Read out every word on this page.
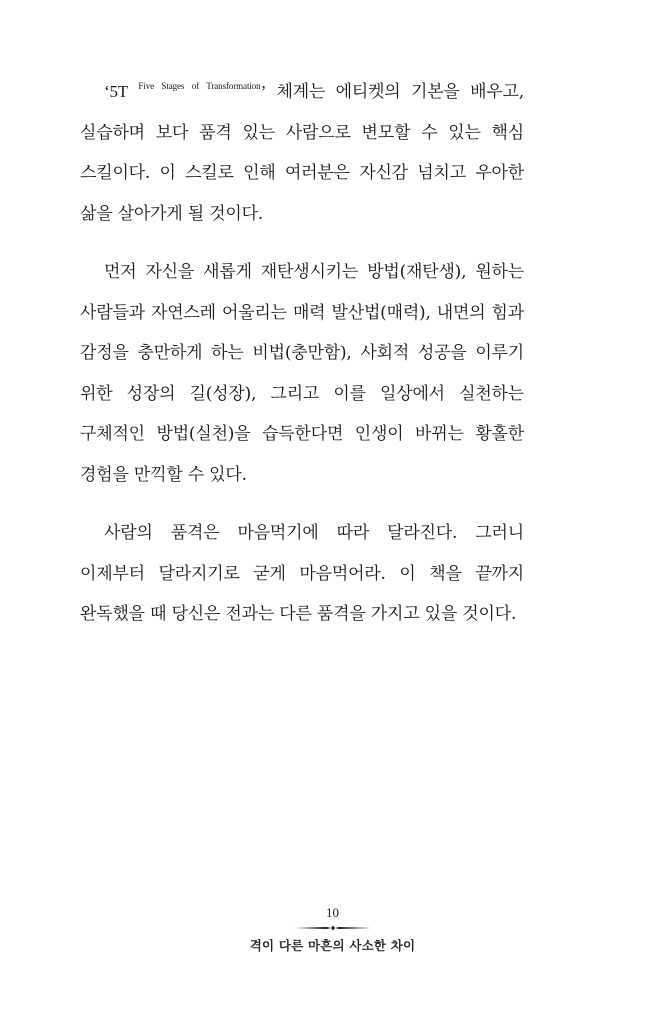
‘5T $^{Five Stages of Transformation}$’ 체계는 에티켓의 기본을 배우고, 실습하며 보다 품격 있는 사람으로 변모할 수 있는 핵심 스킬이다. 이 스킬로 인해 여러분은 자신감 넘치고 우아한 삶을 살아가게 될 것이다.

먼저 자신을 새롭게 재탄생시키는 방법(재탄생), 원하는 사람들과 자연스레 어울리는 매력 발산법(매력), 내면의 힘과 감정을 충만하게 하는 비법(충만함), 사회적 성공을 이루기 위한 성장의 길(성장), 그리고 이를 일상에서 실천하는 구체적인 방법(실천)을 습득한다면 인생이 바뀌는 황홀한 경험을 만끽할 수 있다.

사람의 품격은 마음먹기에 따라 달라진다. 그러니 이제부터 달라지기로 굳게 마음먹어라. 이 책을 끝까지 완독했을 때 당신은 전과는 다른 품격을 가지고 있을 것이다.

10
격이 다른 마흔의 사소한 차이
